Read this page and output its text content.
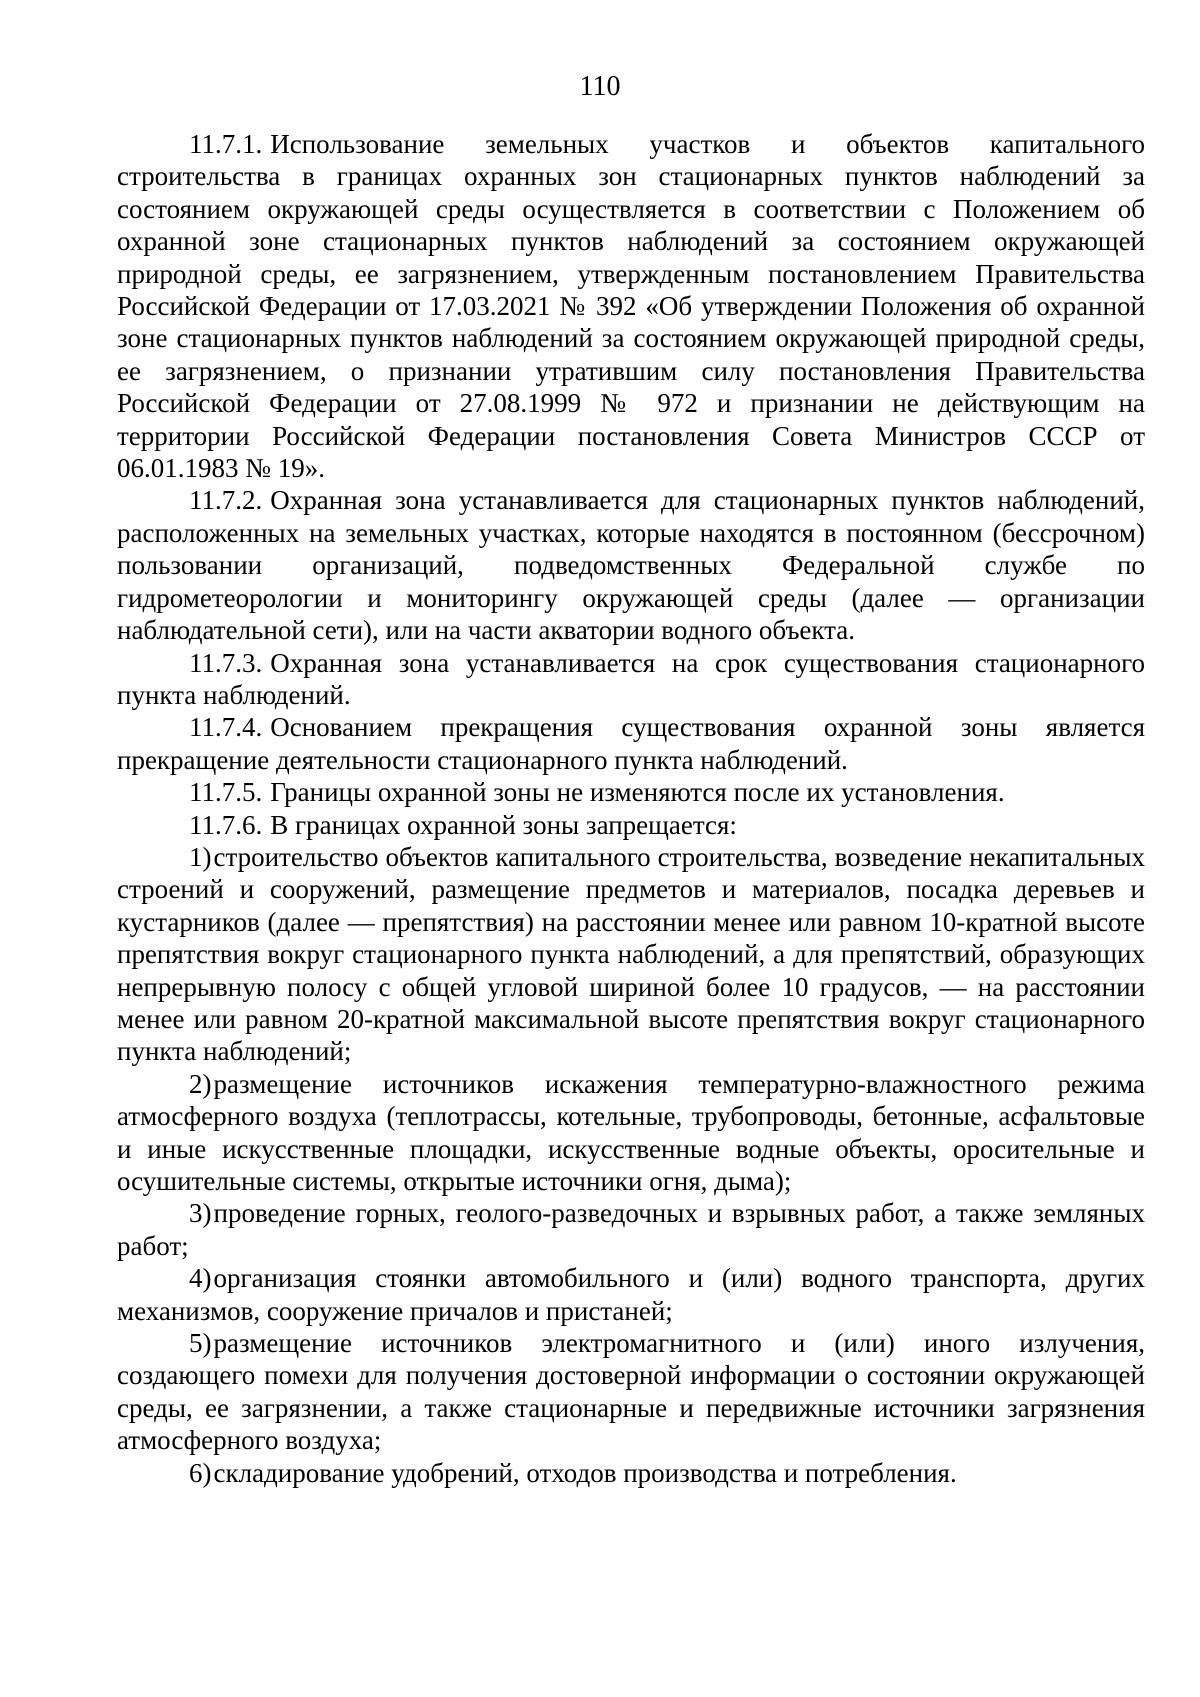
110

11.7.1. Использование земельных участков и объектов капитального строительства в границах охранных зон стационарных пунктов наблюдений за состоянием окружающей среды осуществляется в соответствии с Положением об охранной зоне стационарных пунктов наблюдений за состоянием окружающей природной среды, ее загрязнением, утвержденным постановлением Правительства Российской Федерации от 17.03.2021 № 392 «Об утверждении Положения об охранной зоне стационарных пунктов наблюдений за состоянием окружающей природной среды, ее загрязнением, о признании утратившим силу постановления Правительства Российской Федерации от 27.08.1999 № 972 и признании не действующим на территории Российской Федерации постановления Совета Министров СССР от 06.01.1983 № 19».

11.7.2. Охранная зона устанавливается для стационарных пунктов наблюдений, расположенных на земельных участках, которые находятся в постоянном (бессрочном) пользовании организаций, подведомственных Федеральной службе по гидрометеорологии и мониторингу окружающей среды (далее — организации наблюдательной сети), или на части акватории водного объекта.

11.7.3. Охранная зона устанавливается на срок существования стационарного пункта наблюдений.

11.7.4. Основанием прекращения существования охранной зоны является прекращение деятельности стационарного пункта наблюдений.

11.7.5. Границы охранной зоны не изменяются после их установления.

11.7.6. В границах охранной зоны запрещается:

1)строительство объектов капитального строительства, возведение некапитальных строений и сооружений, размещение предметов и материалов, посадка деревьев и кустарников (далее — препятствия) на расстоянии менее или равном 10-кратной высоте препятствия вокруг стационарного пункта наблюдений, а для препятствий, образующих непрерывную полосу с общей угловой шириной более 10 градусов, — на расстоянии менее или равном 20-кратной максимальной высоте препятствия вокруг стационарного пункта наблюдений;

2)размещение источников искажения температурно-влажностного режима атмосферного воздуха (теплотрассы, котельные, трубопроводы, бетонные, асфальтовые и иные искусственные площадки, искусственные водные объекты, оросительные и осушительные системы, открытые источники огня, дыма);

3)проведение горных, геолого-разведочных и взрывных работ, а также земляных работ;

4)организация стоянки автомобильного и (или) водного транспорта, других механизмов, сооружение причалов и пристаней;

5)размещение источников электромагнитного и (или) иного излучения, создающего помехи для получения достоверной информации о состоянии окружающей среды, ее загрязнении, а также стационарные и передвижные источники загрязнения атмосферного воздуха;

6)складирование удобрений, отходов производства и потребления.
